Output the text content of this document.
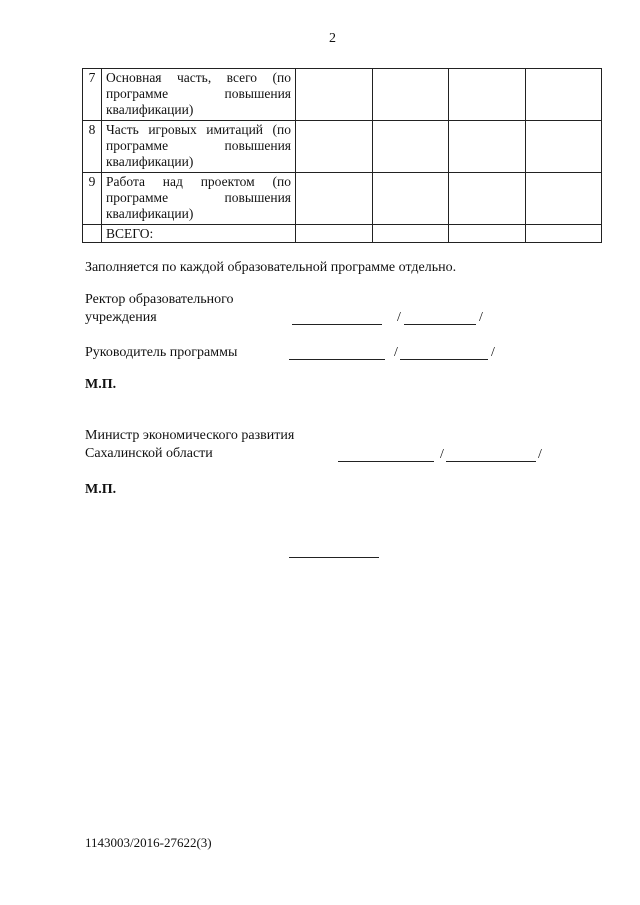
2
7	Основная часть, всего (по программе повышения квалификации)				
8	Часть игровых имитаций (по программе повышения квалификации)				
9	Работа над проектом (по программе повышения квалификации)				
	ВСЕГО:				
Заполняется по каждой образовательной программе отдельно.
Ректор образовательного
учреждения	/	/
Руководитель программы	/	/
М.П.
Министр экономического развития
Сахалинской области	/	/
М.П.
1143003/2016-27622(3)
